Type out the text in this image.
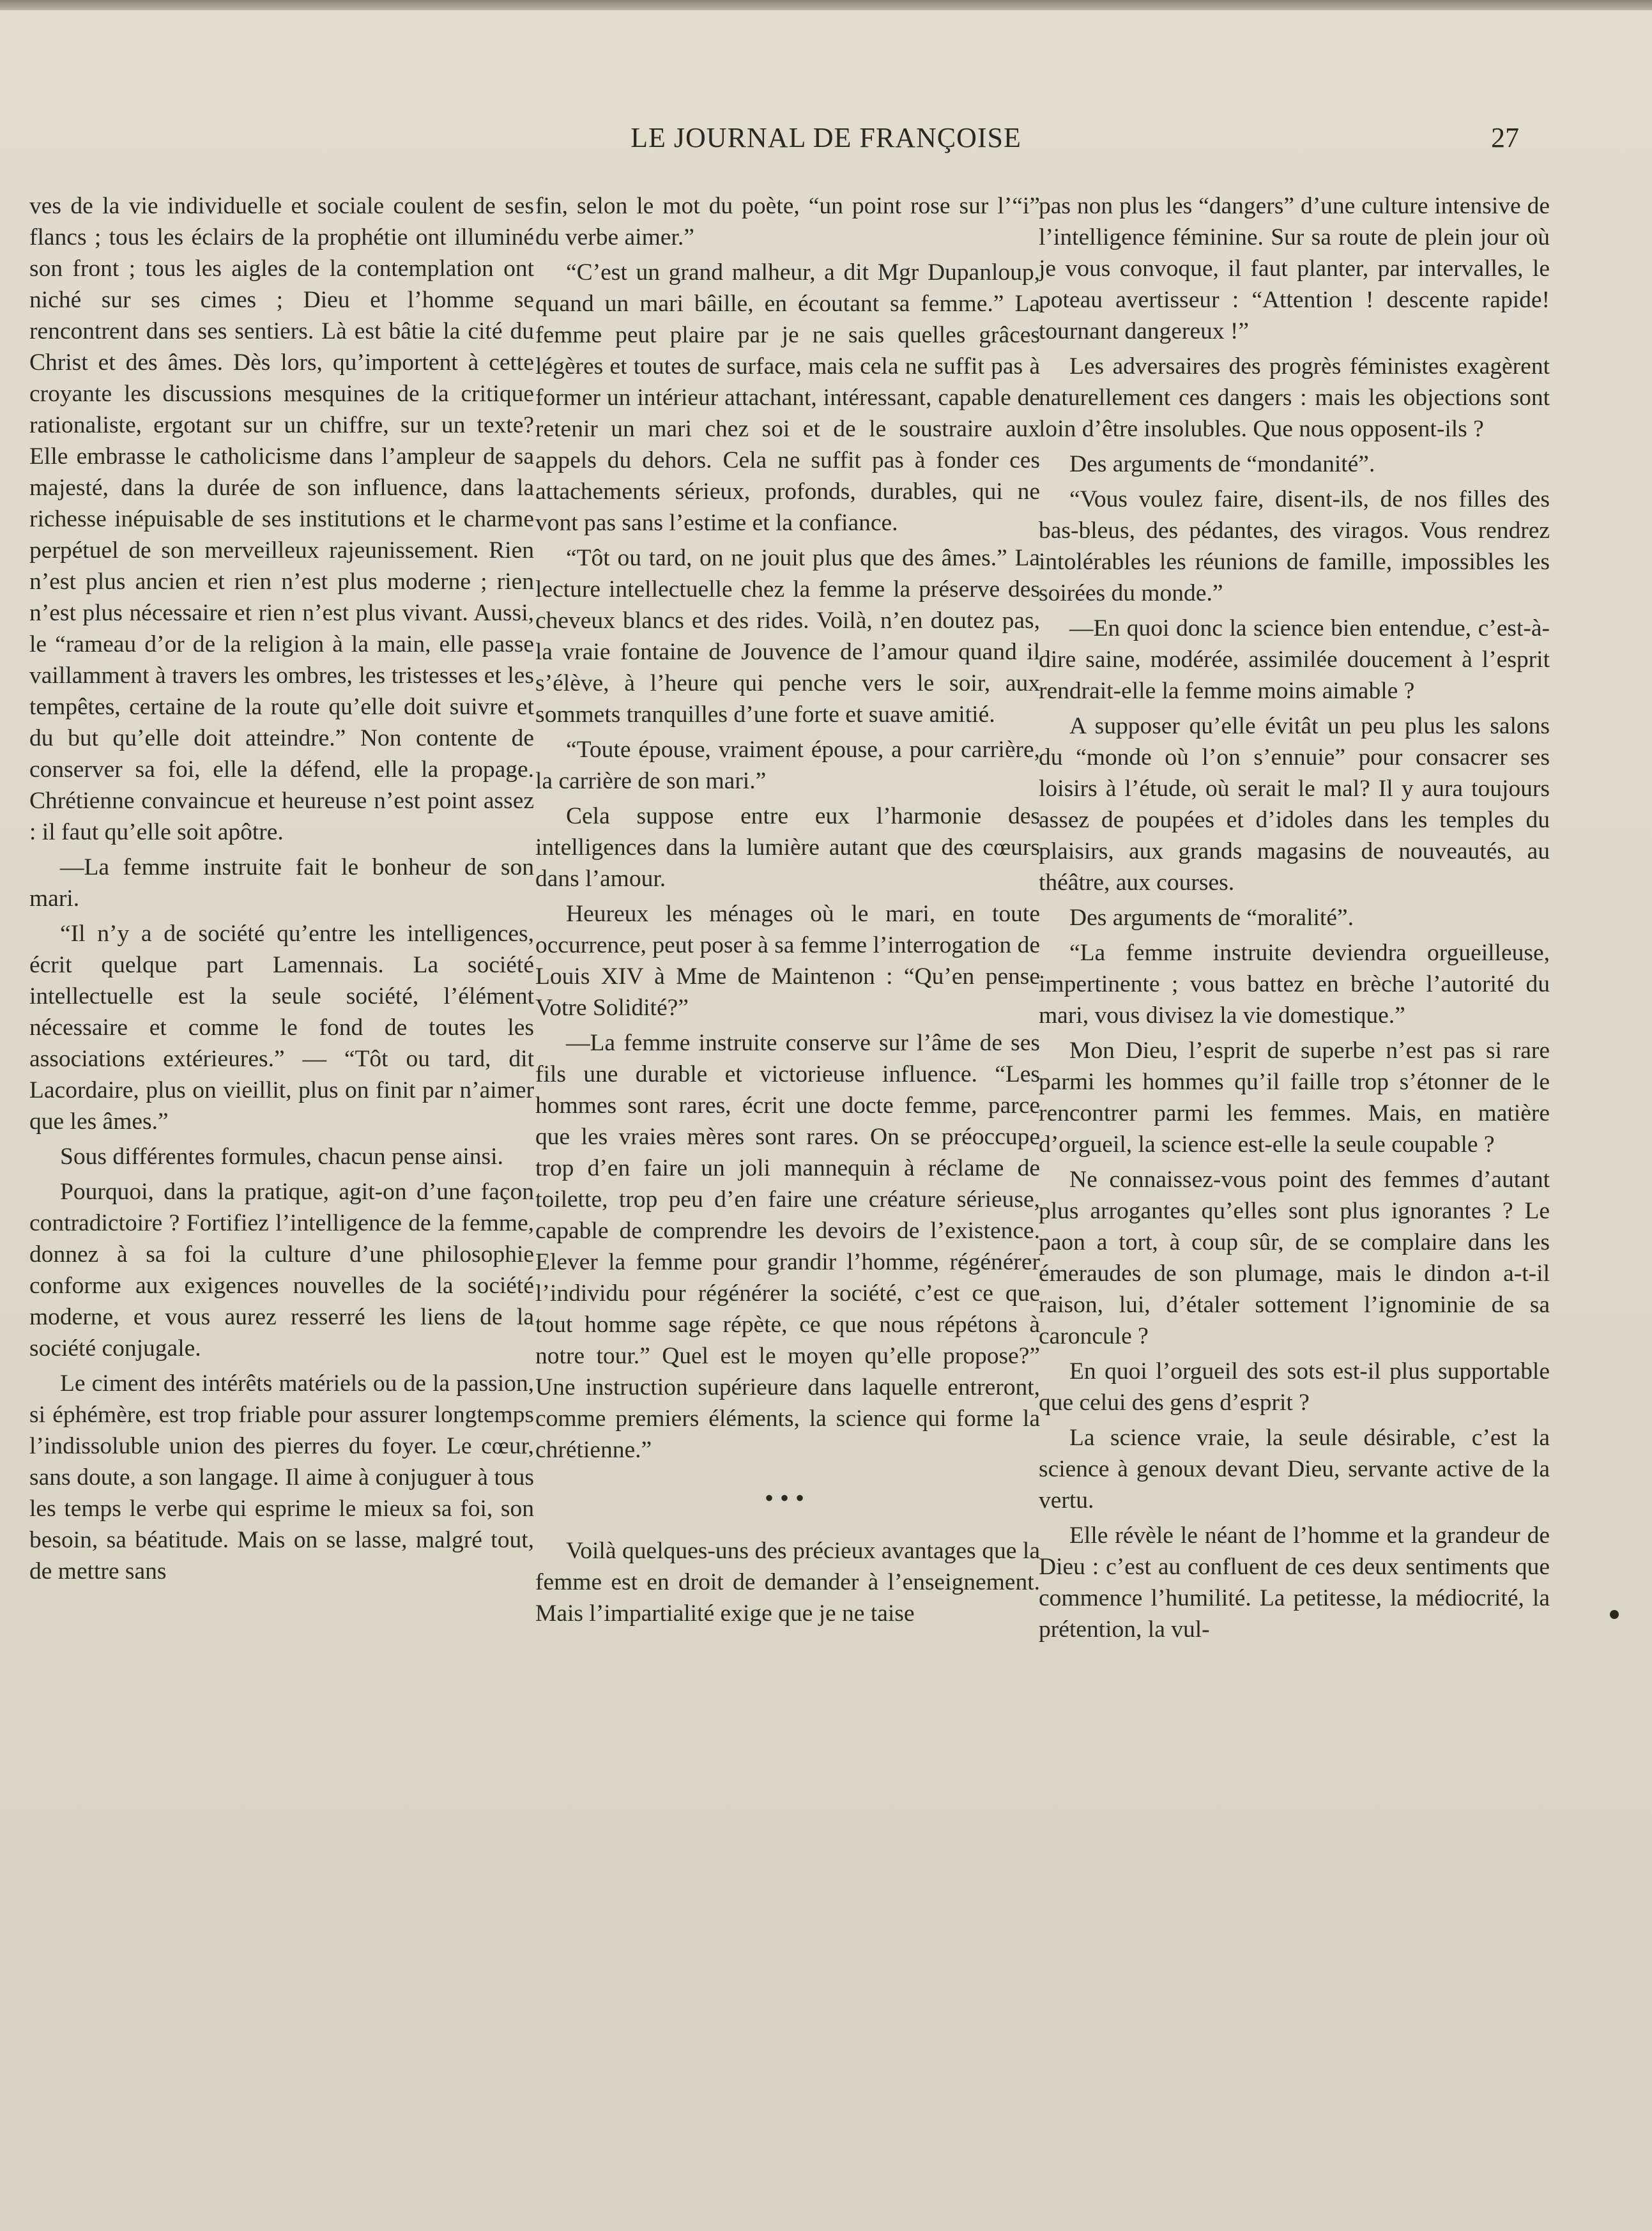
LE JOURNAL DE FRANÇOISE	27

ves de la vie individuelle et sociale coulent de ses flancs ; tous les éclairs de la prophétie ont illuminé son front ; tous les aigles de la contemplation ont niché sur ses cimes ; Dieu et l’homme se rencontrent dans ses sentiers. Là est bâtie la cité du Christ et des âmes. Dès lors, qu’importent à cette croyante les discussions mesquines de la critique rationaliste, ergotant sur un chiffre, sur un texte? Elle embrasse le catholicisme dans l’ampleur de sa majesté, dans la durée de son influence, dans la richesse inépuisable de ses institutions et le charme perpétuel de son merveilleux rajeunissement. Rien n’est plus ancien et rien n’est plus moderne ; rien n’est plus nécessaire et rien n’est plus vivant. Aussi, le “rameau d’or de la religion à la main, elle passe vaillamment à travers les ombres, les tristesses et les tempêtes, certaine de la route qu’elle doit suivre et du but qu’elle doit atteindre.” Non contente de conserver sa foi, elle la défend, elle la propage. Chrétienne convaincue et heureuse n’est point assez : il faut qu’elle soit apôtre.

—La femme instruite fait le bonheur de son mari.

“Il n’y a de société qu’entre les intelligences, écrit quelque part Lamennais. La société intellectuelle est la seule société, l’élément nécessaire et comme le fond de toutes les associations extérieures.” — “Tôt ou tard, dit Lacordaire, plus on vieillit, plus on finit par n’aimer que les âmes.”

Sous différentes formules, chacun pense ainsi.

Pourquoi, dans la pratique, agit-on d’une façon contradictoire ? Fortifiez l’intelligence de la femme, donnez à sa foi la culture d’une philosophie conforme aux exigences nouvelles de la société moderne, et vous aurez resserré les liens de la société conjugale.

Le ciment des intérêts matériels ou de la passion, si éphémère, est trop friable pour assurer longtemps l’indissoluble union des pierres du foyer. Le cœur, sans doute, a son langage. Il aime à conjuguer à tous les temps le verbe qui esprime le mieux sa foi, son besoin, sa béatitude. Mais on se lasse, malgré tout, de mettre sans

fin, selon le mot du poète, “un point rose sur l’“i” du verbe aimer.”

“C’est un grand malheur, a dit Mgr Dupanloup, quand un mari bâille, en écoutant sa femme.” La femme peut plaire par je ne sais quelles grâces légères et toutes de surface, mais cela ne suffit pas à former un intérieur attachant, intéressant, capable de retenir un mari chez soi et de le soustraire aux appels du dehors. Cela ne suffit pas à fonder ces attachements sérieux, profonds, durables, qui ne vont pas sans l’estime et la confiance.

“Tôt ou tard, on ne jouit plus que des âmes.” La lecture intellectuelle chez la femme la préserve des cheveux blancs et des rides. Voilà, n’en doutez pas, la vraie fontaine de Jouvence de l’amour quand il s’élève, à l’heure qui penche vers le soir, aux sommets tranquilles d’une forte et suave amitié.

“Toute épouse, vraiment épouse, a pour carrière, la carrière de son mari.”

Cela suppose entre eux l’harmonie des intelligences dans la lumière autant que des cœurs dans l’amour.

Heureux les ménages où le mari, en toute occurrence, peut poser à sa femme l’interrogation de Louis XIV à Mme de Maintenon : “Qu’en pense Votre Solidité?”

—La femme instruite conserve sur l’âme de ses fils une durable et victorieuse influence. “Les hommes sont rares, écrit une docte femme, parce que les vraies mères sont rares. On se préoccupe trop d’en faire un joli mannequin à réclame de toilette, trop peu d’en faire une créature sérieuse, capable de comprendre les devoirs de l’existence. Elever la femme pour grandir l’homme, régénérer l’individu pour régénérer la société, c’est ce que tout homme sage répète, ce que nous répétons à notre tour.” Quel est le moyen qu’elle propose?” Une instruction supérieure dans laquelle entreront, comme premiers éléments, la science qui forme la chrétienne.”

•••

Voilà quelques-uns des précieux avantages que la femme est en droit de demander à l’enseignement. Mais l’impartialité exige que je ne taise

pas non plus les “dangers” d’une culture intensive de l’intelligence féminine. Sur sa route de plein jour où je vous convoque, il faut planter, par intervalles, le poteau avertisseur : “Attention ! descente rapide! tournant dangereux !”

Les adversaires des progrès féministes exagèrent naturellement ces dangers : mais les objections sont loin d’être insolubles. Que nous opposent-ils ?

Des arguments de “mondanité”.

“Vous voulez faire, disent-ils, de nos filles des bas-bleus, des pédantes, des viragos. Vous rendrez intolérables les réunions de famille, impossibles les soirées du monde.”

—En quoi donc la science bien entendue, c’est-à-dire saine, modérée, assimilée doucement à l’esprit rendrait-elle la femme moins aimable ?

A supposer qu’elle évitât un peu plus les salons du “monde où l’on s’ennuie” pour consacrer ses loisirs à l’étude, où serait le mal? Il y aura toujours assez de poupées et d’idoles dans les temples du plaisirs, aux grands magasins de nouveautés, au théâtre, aux courses.

Des arguments de “moralité”.

“La femme instruite deviendra orgueilleuse, impertinente ; vous battez en brèche l’autorité du mari, vous divisez la vie domestique.”

Mon Dieu, l’esprit de superbe n’est pas si rare parmi les hommes qu’il faille trop s’étonner de le rencontrer parmi les femmes. Mais, en matière d’orgueil, la science est-elle la seule coupable ?

Ne connaissez-vous point des femmes d’autant plus arrogantes qu’elles sont plus ignorantes ? Le paon a tort, à coup sûr, de se complaire dans les émeraudes de son plumage, mais le dindon a-t-il raison, lui, d’étaler sottement l’ignominie de sa caroncule ?

En quoi l’orgueil des sots est-il plus supportable que celui des gens d’esprit ?

La science vraie, la seule désirable, c’est la science à genoux devant Dieu, servante active de la vertu.

Elle révèle le néant de l’homme et la grandeur de Dieu : c’est au confluent de ces deux sentiments que commence l’humilité. La petitesse, la médiocrité, la prétention, la vul-
